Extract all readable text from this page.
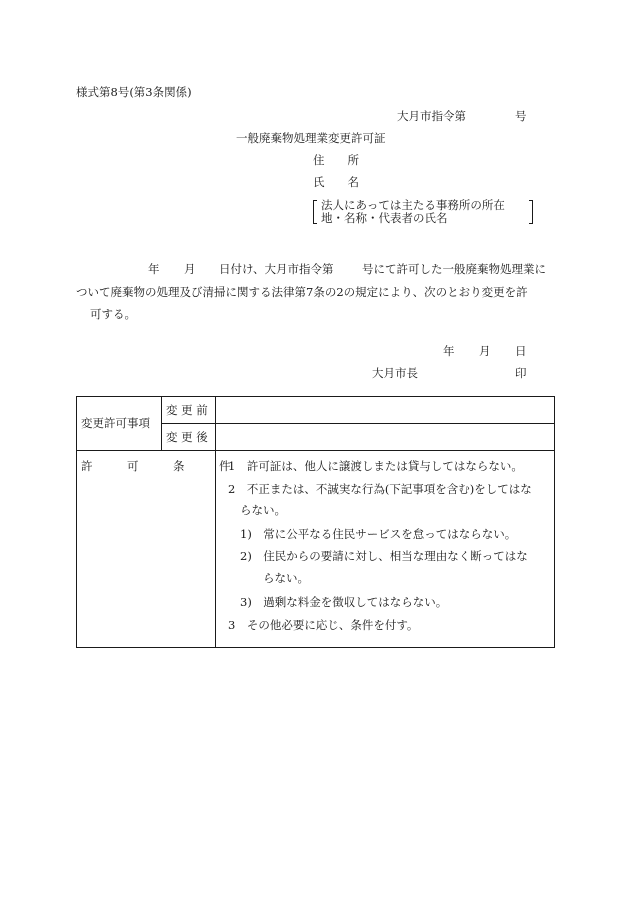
様式第8号(第3条関係)
大月市指令第	号
一般廃棄物処理業変更許可証
住　　所
氏　　名
法人にあっては主たる事務所の所在
地・名称・代表者の氏名
年 月 日付け、大月市指令第 号にて許可した一般廃棄物処理業に
ついて廃棄物の処理及び清掃に関する法律第7条の2の規定により、次のとおり変更を許
可する。
年 月 日
大月市長	印
変更許可事項
変 更 前
変 更 後
許　　　可　　　条　　　件
1　許可証は、他人に譲渡しまたは貸与してはならない。
2　不正または、不誠実な行為(下記事項を含む)をしてはな
らない。
1)　常に公平なる住民サービスを怠ってはならない。
2)　住民からの要請に対し、相当な理由なく断ってはな
らない。
3)　過剰な料金を徴収してはならない。
3　その他必要に応じ、条件を付す。
